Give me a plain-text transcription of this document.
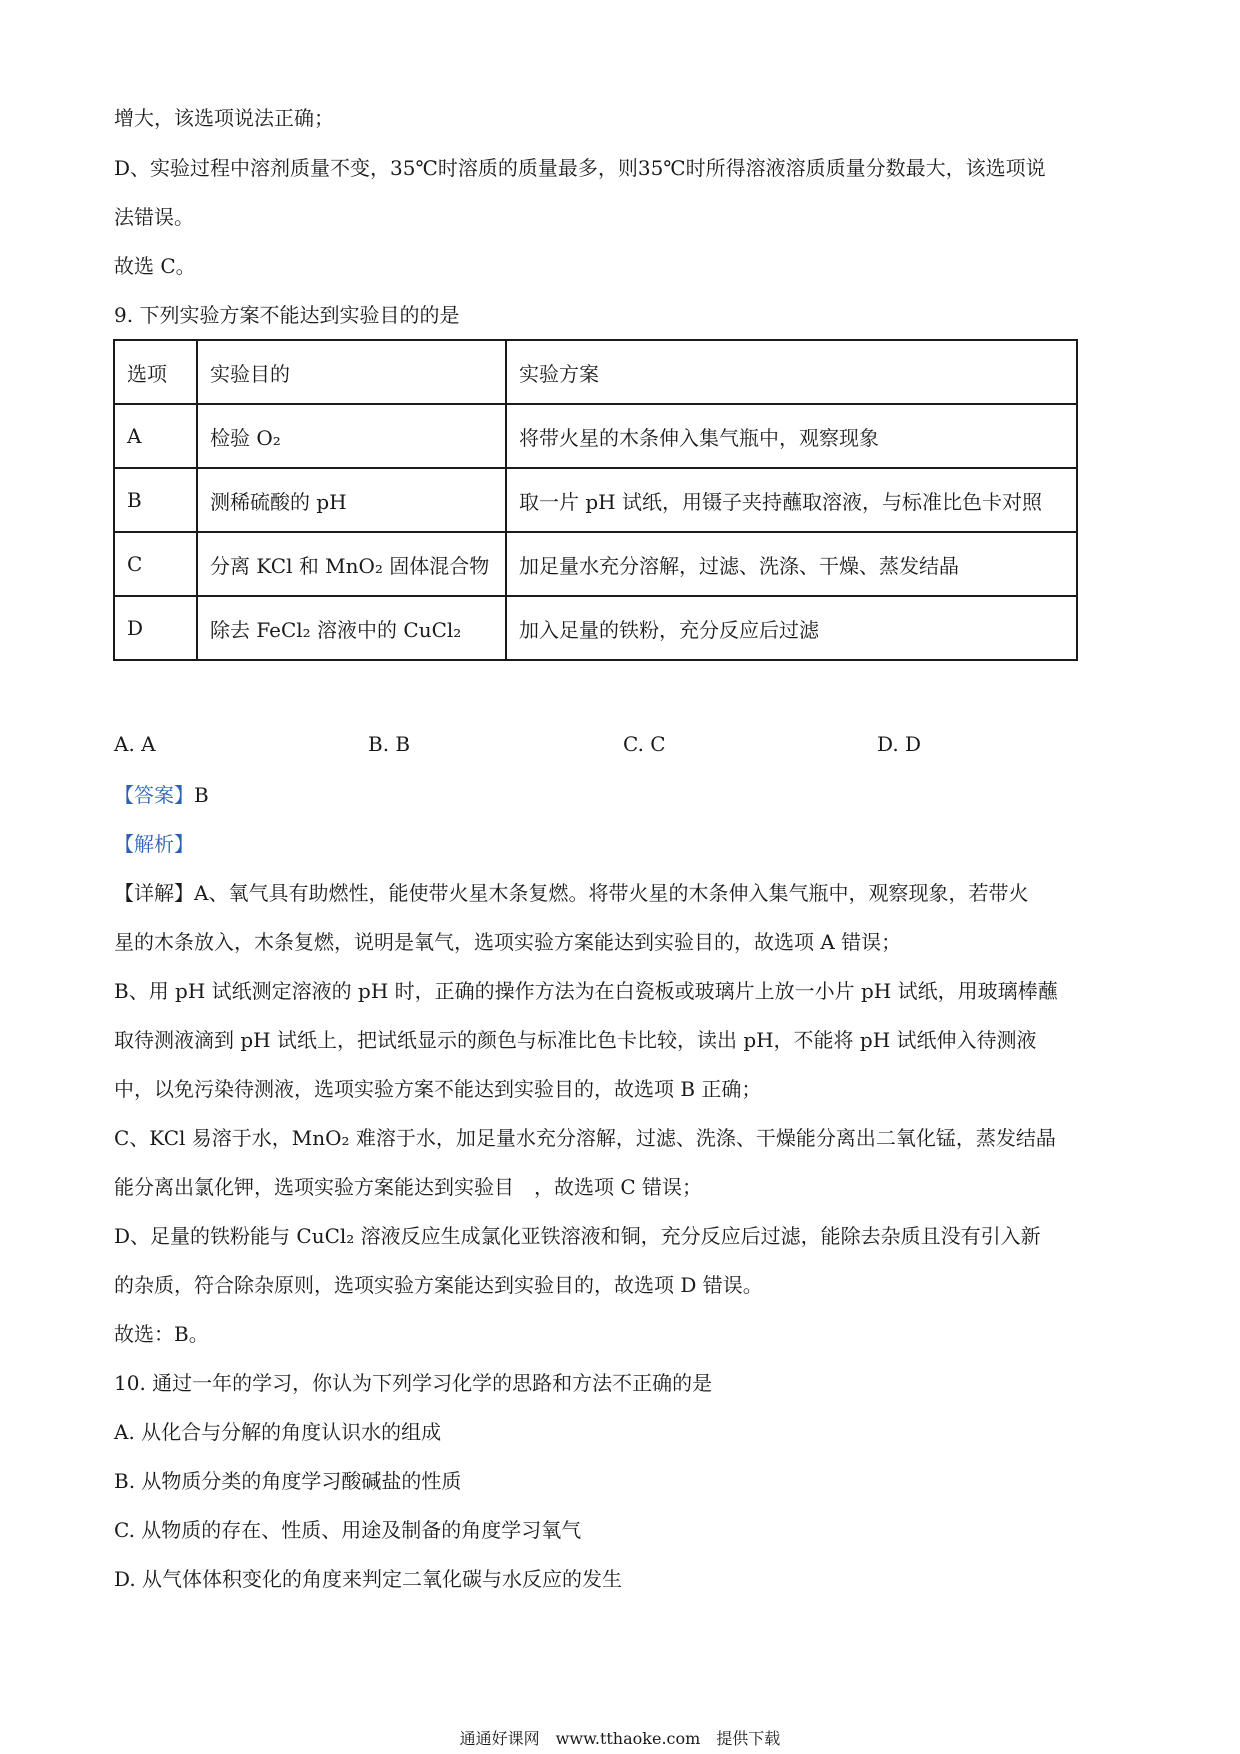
增大，该选项说法正确；
D、实验过程中溶剂质量不变，35℃时溶质的质量最多，则35℃时所得溶液溶质质量分数最大，该选项说
法错误。
故选 C。
9. 下列实验方案不能达到实验目的的是
选项	实验目的	实验方案
A	检验 O₂	将带火星的木条伸入集气瓶中，观察现象
B	测稀硫酸的 pH	取一片 pH 试纸，用镊子夹持蘸取溶液，与标准比色卡对照
C	分离 KCl 和 MnO₂ 固体混合物	加足量水充分溶解，过滤、洗涤、干燥、蒸发结晶
D	除去 FeCl₂ 溶液中的 CuCl₂	加入足量的铁粉，充分反应后过滤
A. A	B. B	C. C	D. D
【答案】B
【解析】
【详解】A、氧气具有助燃性，能使带火星木条复燃。将带火星的木条伸入集气瓶中，观察现象，若带火
星的木条放入，木条复燃，说明是氧气，选项实验方案能达到实验目的，故选项 A 错误；
B、用 pH 试纸测定溶液的 pH 时，正确的操作方法为在白瓷板或玻璃片上放一小片 pH 试纸，用玻璃棒蘸
取待测液滴到 pH 试纸上，把试纸显示的颜色与标准比色卡比较，读出 pH，不能将 pH 试纸伸入待测液
中，以免污染待测液，选项实验方案不能达到实验目的，故选项 B 正确；
C、KCl 易溶于水，MnO₂ 难溶于水，加足量水充分溶解，过滤、洗涤、干燥能分离出二氧化锰，蒸发结晶
能分离出氯化钾，选项实验方案能达到实验目　，故选项 C 错误；
D、足量的铁粉能与 CuCl₂ 溶液反应生成氯化亚铁溶液和铜，充分反应后过滤，能除去杂质且没有引入新
的杂质，符合除杂原则，选项实验方案能达到实验目的，故选项 D 错误。
故选：B。
10. 通过一年的学习，你认为下列学习化学的思路和方法不正确的是
A. 从化合与分解的角度认识水的组成
B. 从物质分类的角度学习酸碱盐的性质
C. 从物质的存在、性质、用途及制备的角度学习氧气
D. 从气体体积变化的角度来判定二氧化碳与水反应的发生
通通好课网　www.tthaoke.com　提供下载
